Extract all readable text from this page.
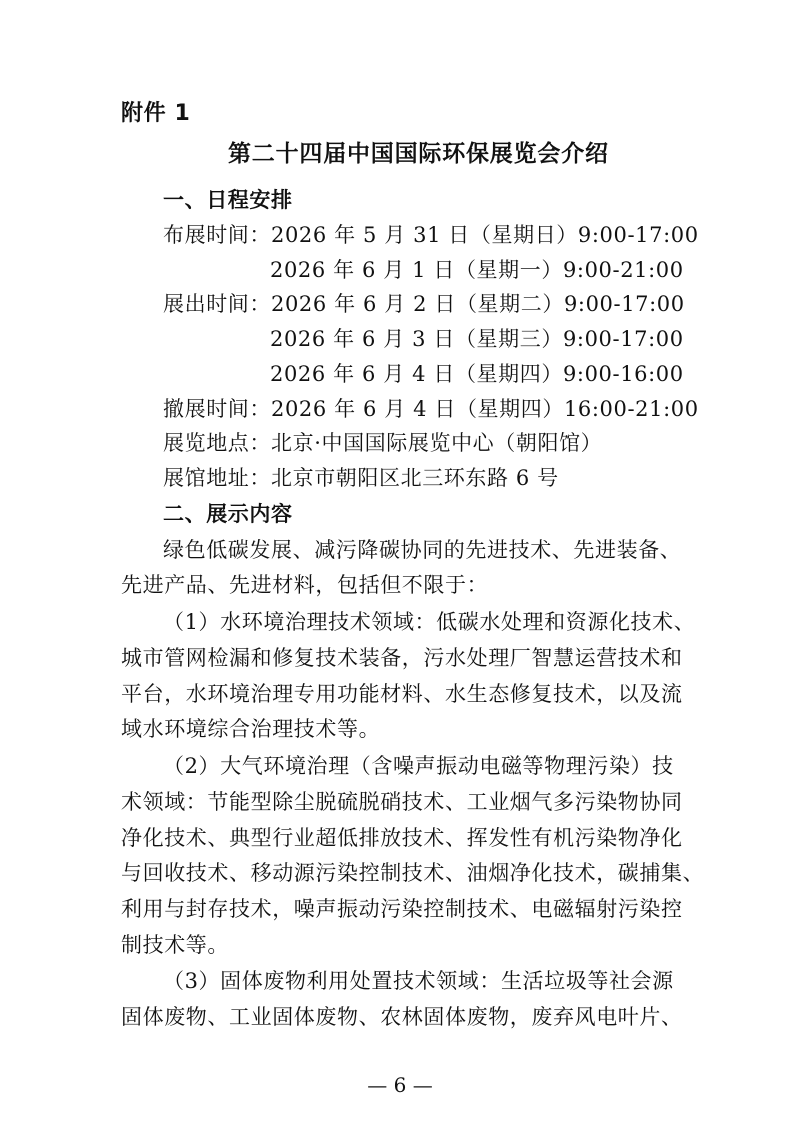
附件 1
第二十四届中国国际环保展览会介绍
一、日程安排
布展时间：2026 年 5 月 31 日（星期日）9:00-17:00
2026 年 6 月 1 日（星期一）9:00-21:00
展出时间：2026 年 6 月 2 日（星期二）9:00-17:00
2026 年 6 月 3 日（星期三）9:00-17:00
2026 年 6 月 4 日（星期四）9:00-16:00
撤展时间：2026 年 6 月 4 日（星期四）16:00-21:00
展览地点：北京·中国国际展览中心（朝阳馆）
展馆地址：北京市朝阳区北三环东路 6 号
二、展示内容
绿色低碳发展、减污降碳协同的先进技术、先进装备、
先进产品、先进材料，包括但不限于：
（1）水环境治理技术领域：低碳水处理和资源化技术、
城市管网检漏和修复技术装备，污水处理厂智慧运营技术和
平台，水环境治理专用功能材料、水生态修复技术，以及流
域水环境综合治理技术等。
（2）大气环境治理（含噪声振动电磁等物理污染）技
术领域：节能型除尘脱硫脱硝技术、工业烟气多污染物协同
净化技术、典型行业超低排放技术、挥发性有机污染物净化
与回收技术、移动源污染控制技术、油烟净化技术，碳捕集、
利用与封存技术，噪声振动污染控制技术、电磁辐射污染控
制技术等。
（3）固体废物利用处置技术领域：生活垃圾等社会源
固体废物、工业固体废物、农林固体废物，废弃风电叶片、
— 6 —
